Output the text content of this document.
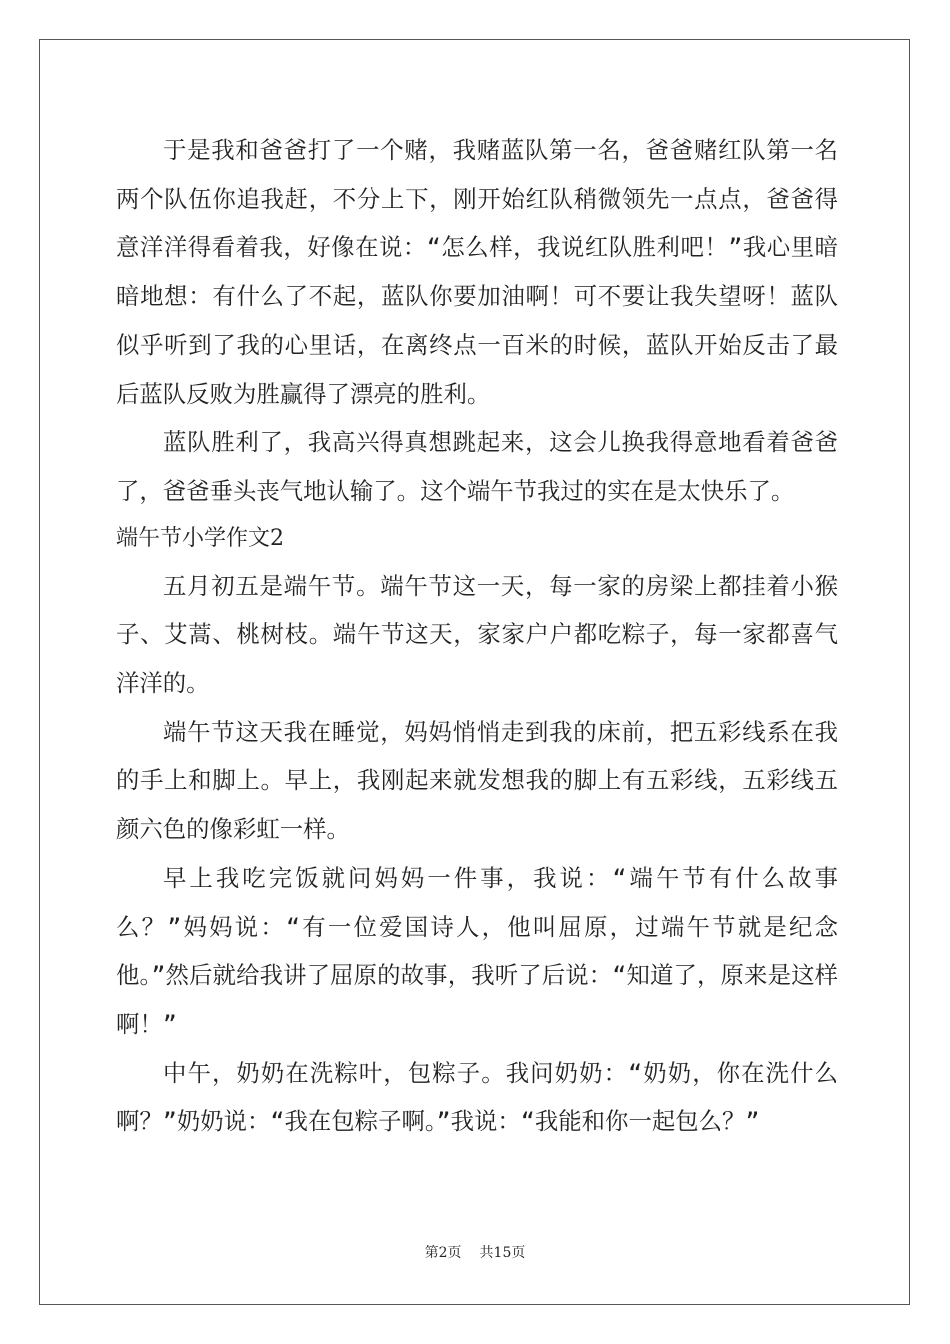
于是我和爸爸打了一个赌，我赌蓝队第一名，爸爸赌红队第一名两个队伍你追我赶，不分上下，刚开始红队稍微领先一点点，爸爸得意洋洋得看着我，好像在说：“怎么样，我说红队胜利吧！”我心里暗暗地想：有什么了不起，蓝队你要加油啊！可不要让我失望呀！蓝队似乎听到了我的心里话，在离终点一百米的时候，蓝队开始反击了最后蓝队反败为胜赢得了漂亮的胜利。

蓝队胜利了，我高兴得真想跳起来，这会儿换我得意地看着爸爸了，爸爸垂头丧气地认输了。这个端午节我过的实在是太快乐了。

端午节小学作文2

五月初五是端午节。端午节这一天，每一家的房梁上都挂着小猴子、艾蒿、桃树枝。端午节这天，家家户户都吃粽子，每一家都喜气洋洋的。

端午节这天我在睡觉，妈妈悄悄走到我的床前，把五彩线系在我的手上和脚上。早上，我刚起来就发想我的脚上有五彩线，五彩线五颜六色的像彩虹一样。

早上我吃完饭就问妈妈一件事，我说：“端午节有什么故事么？”妈妈说：“有一位爱国诗人，他叫屈原，过端午节就是纪念他。”然后就给我讲了屈原的故事，我听了后说：“知道了，原来是这样啊！”

中午，奶奶在洗粽叶，包粽子。我问奶奶：“奶奶，你在洗什么啊？”奶奶说：“我在包粽子啊。”我说：“我能和你一起包么？”

第2页 共15页
